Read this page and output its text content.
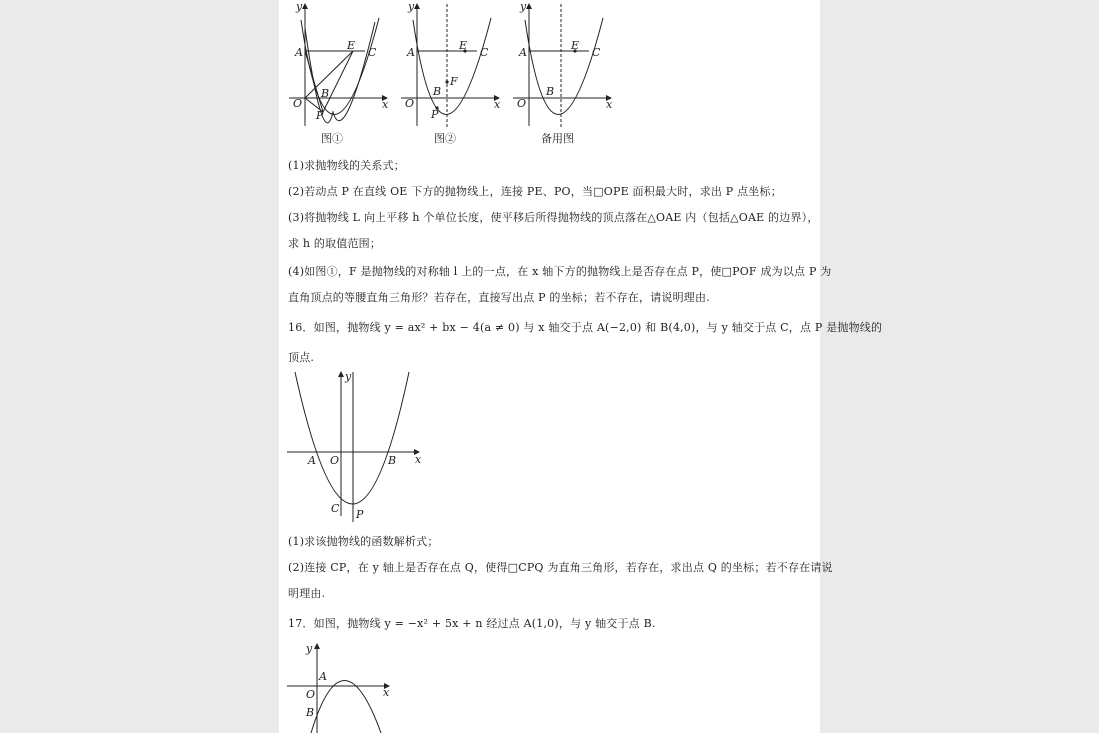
y
x
A
E
C
O
B
P
图①
y
x
A
E
C
O
B
F
P
图②
y
x
A
E
C
O
B
备用图
(1)求抛物线的关系式；
(2)若动点 P 在直线 OE 下方的抛物线上，连接 PE、PO，当□OPE 面积最大时，求出 P 点坐标；
(3)将抛物线 L 向上平移 h 个单位长度，使平移后所得抛物线的顶点落在△OAE 内（包括△OAE 的边界），
求 h 的取值范围；
(4)如图①，F 是抛物线的对称轴 l 上的一点，在 x 轴下方的抛物线上是否存在点 P，使□POF 成为以点 P 为
直角顶点的等腰直角三角形？若存在，直接写出点 P 的坐标；若不存在，请说明理由.
16．如图，抛物线 y = ax² + bx − 4(a ≠ 0) 与 x 轴交于点 A(−2,0) 和 B(4,0)，与 y 轴交于点 C，点 P 是抛物线的
顶点.
y
x
A O	B
C P
(1)求该抛物线的函数解析式；
(2)连接 CP，在 y 轴上是否存在点 Q，使得□CPQ 为直角三角形，若存在，求出点 Q 的坐标；若不存在请说
明理由.
17．如图，抛物线 y = −x² + 5x + n 经过点 A(1,0)，与 y 轴交于点 B.
y
x
A
O
B
